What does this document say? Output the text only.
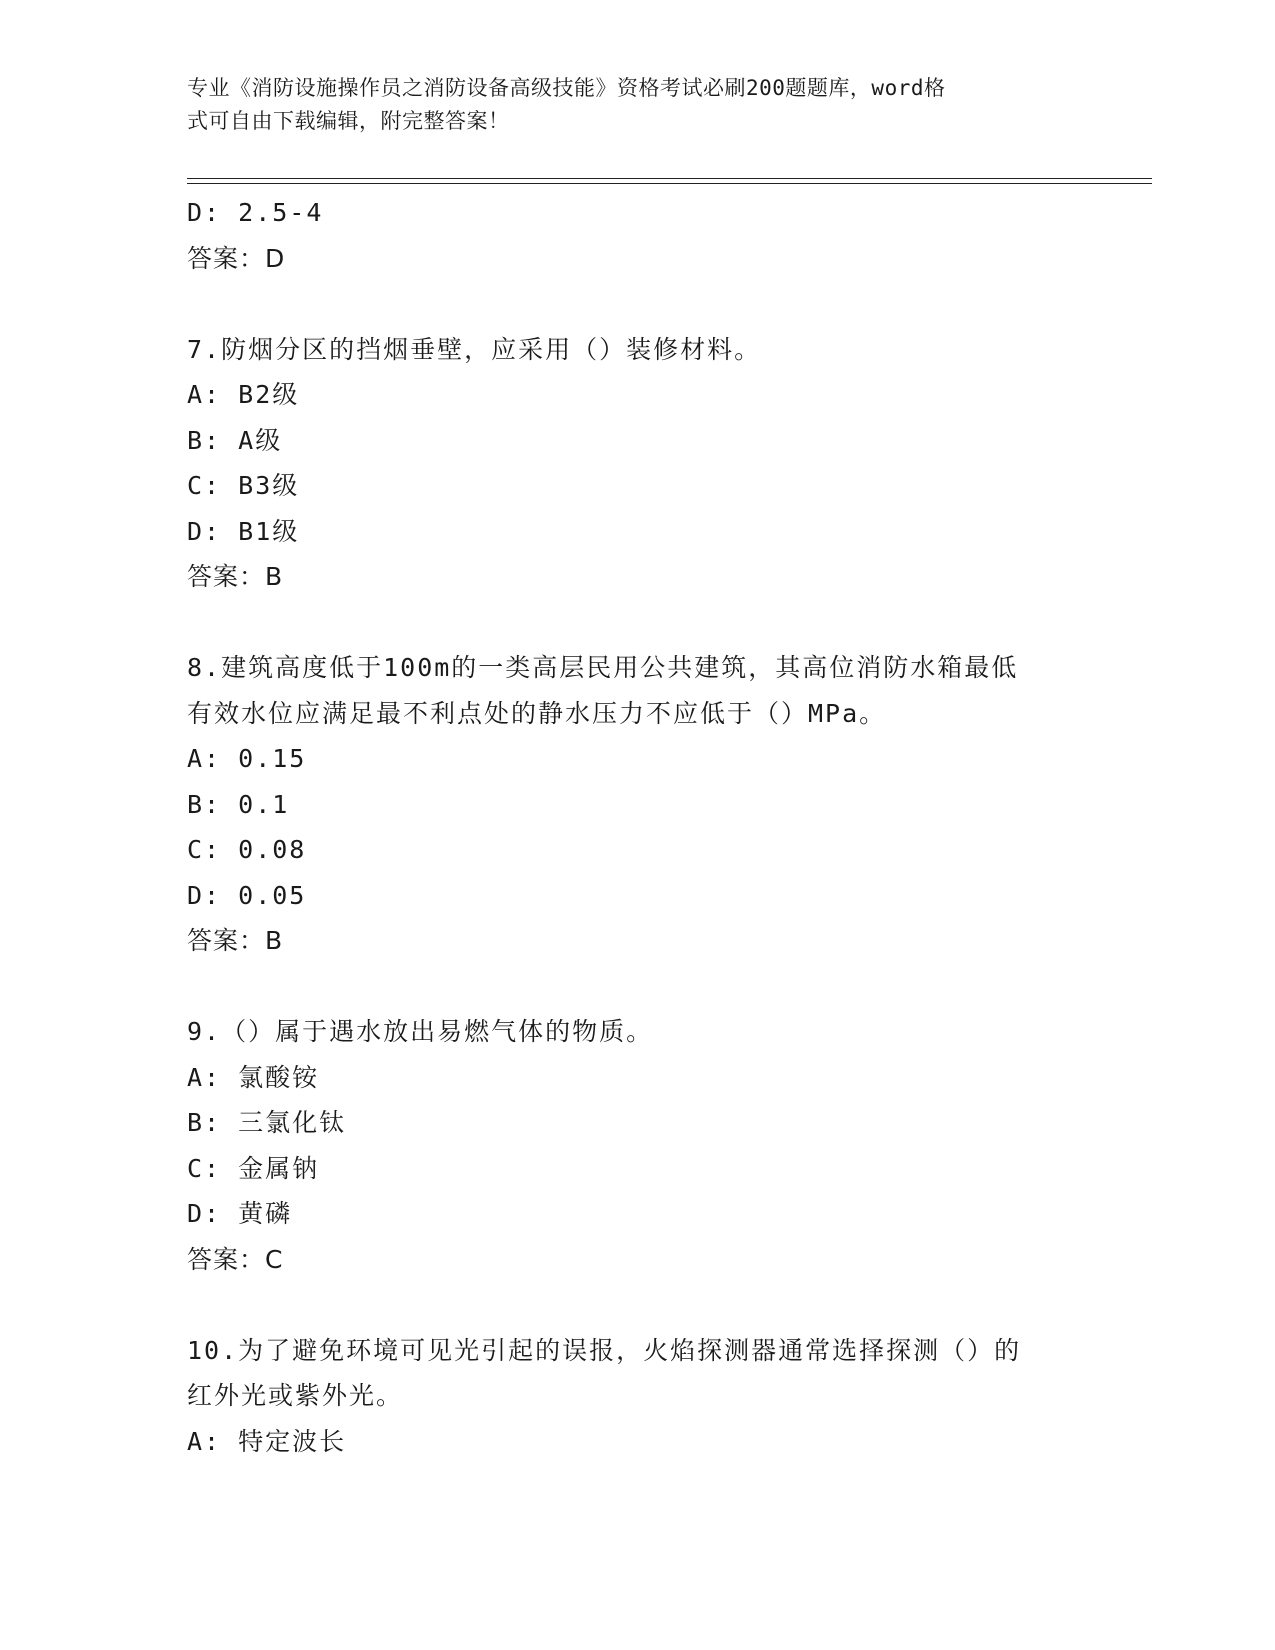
专业《消防设施操作员之消防设备高级技能》资格考试必刷200题题库，word格
式可自由下载编辑，附完整答案！
D: 2.5-4
答案：D
7.防烟分区的挡烟垂壁，应采用（）装修材料。
A: B2级
B: A级
C: B3级
D: B1级
答案：B
8.建筑高度低于100m的一类高层民用公共建筑，其高位消防水箱最低
有效水位应满足最不利点处的静水压力不应低于（）MPa。
A: 0.15
B: 0.1
C: 0.08
D: 0.05
答案：B
9.（）属于遇水放出易燃气体的物质。
A: 氯酸铵
B: 三氯化钛
C: 金属钠
D: 黄磷
答案：C
10.为了避免环境可见光引起的误报，火焰探测器通常选择探测（）的
红外光或紫外光。
A: 特定波长
